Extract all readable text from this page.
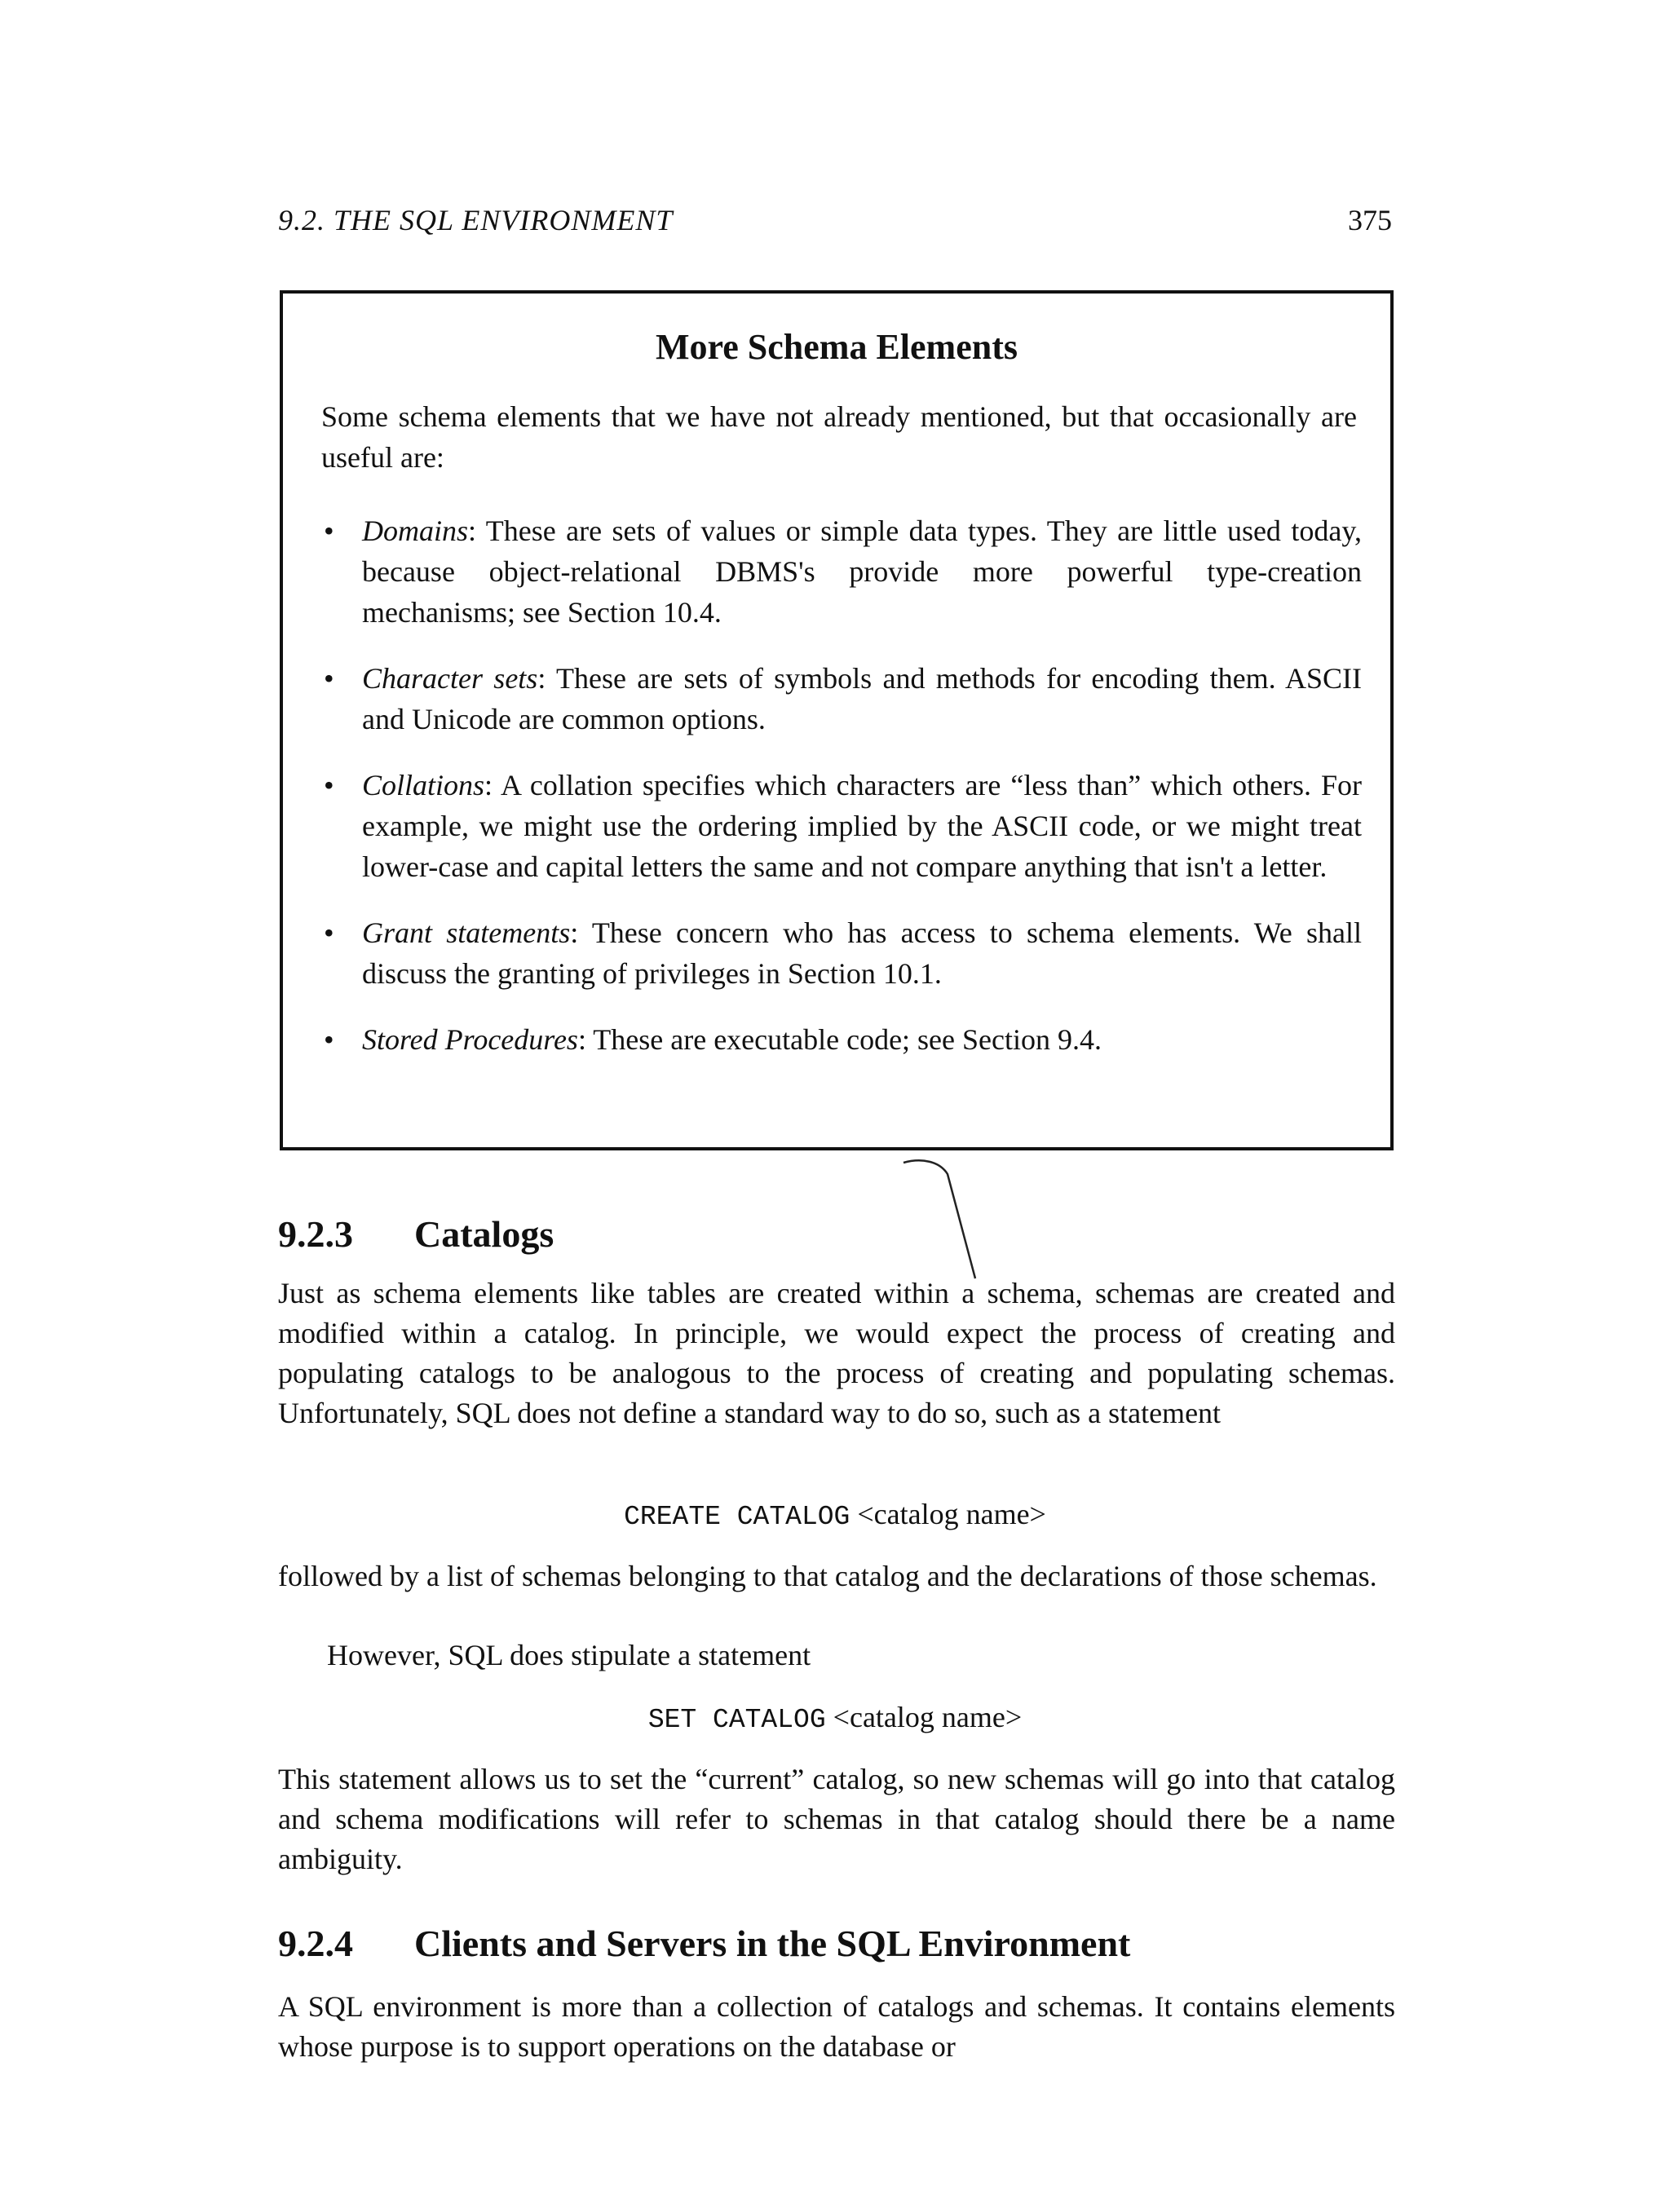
9.2. THE SQL ENVIRONMENT	375
More Schema Elements
Some schema elements that we have not already mentioned, but that occasionally are useful are:
• Domains: These are sets of values or simple data types. They are little used today, because object-relational DBMS's provide more powerful type-creation mechanisms; see Section 10.4.
• Character sets: These are sets of symbols and methods for encoding them. ASCII and Unicode are common options.
• Collations: A collation specifies which characters are “less than” which others. For example, we might use the ordering implied by the ASCII code, or we might treat lower-case and capital letters the same and not compare anything that isn't a letter.
• Grant statements: These concern who has access to schema elements. We shall discuss the granting of privileges in Section 10.1.
• Stored Procedures: These are executable code; see Section 9.4.
9.2.3 Catalogs

Just as schema elements like tables are created within a schema, schemas are created and modified within a catalog. In principle, we would expect the process of creating and populating catalogs to be analogous to the process of creating and populating schemas. Unfortunately, SQL does not define a standard way to do so, such as a statement

CREATE CATALOG <catalog name>

followed by a list of schemas belonging to that catalog and the declarations of those schemas.

However, SQL does stipulate a statement

SET CATALOG <catalog name>

This statement allows us to set the “current” catalog, so new schemas will go into that catalog and schema modifications will refer to schemas in that catalog should there be a name ambiguity.

9.2.4 Clients and Servers in the SQL Environment

A SQL environment is more than a collection of catalogs and schemas. It contains elements whose purpose is to support operations on the database or
